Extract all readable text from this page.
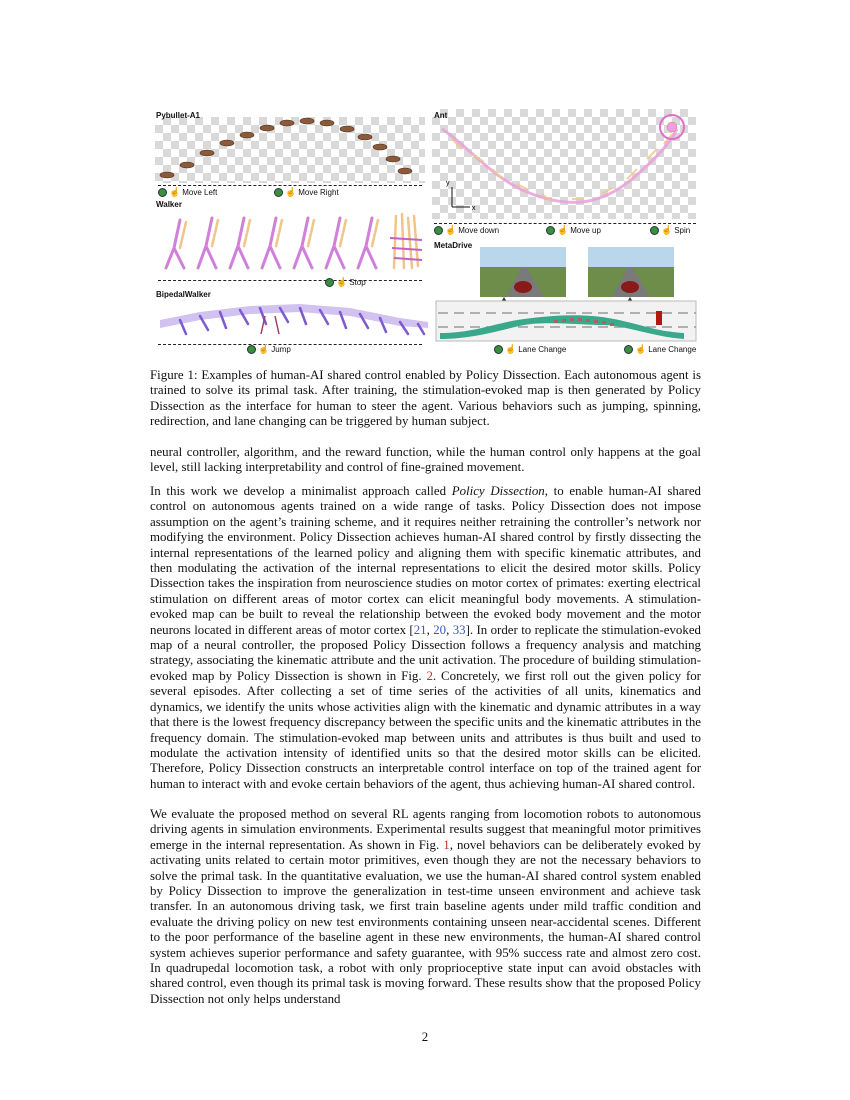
Pybullet-A1
☝ Move Left	☝ Move Right
y
x
Ant
☝ Move down	☝ Move up	☝ Spin
Walker
☝ Stop
BipedalWalker
☝ Jump
MetaDrive
☝ Lane Change	☝ Lane Change

Figure 1: Examples of human-AI shared control enabled by Policy Dissection. Each autonomous agent is trained to solve its primal task. After training, the stimulation-evoked map is then generated by Policy Dissection as the interface for human to steer the agent. Various behaviors such as jumping, spinning, redirection, and lane changing can be triggered by human subject.

neural controller, algorithm, and the reward function, while the human control only happens at the goal level, still lacking interpretability and control of fine-grained movement.

In this work we develop a minimalist approach called Policy Dissection, to enable human-AI shared control on autonomous agents trained on a wide range of tasks. Policy Dissection does not impose assumption on the agent’s training scheme, and it requires neither retraining the controller’s network nor modifying the environment. Policy Dissection achieves human-AI shared control by firstly dissecting the internal representations of the learned policy and aligning them with specific kinematic attributes, and then modulating the activation of the internal representations to elicit the desired motor skills. Policy Dissection takes the inspiration from neuroscience studies on motor cortex of primates: exerting electrical stimulation on different areas of motor cortex can elicit meaningful body movements. A stimulation-evoked map can be built to reveal the relationship between the evoked body movement and the motor neurons located in different areas of motor cortex [21, 20, 33]. In order to replicate the stimulation-evoked map of a neural controller, the proposed Policy Dissection follows a frequency analysis and matching strategy, associating the kinematic attribute and the unit activation. The procedure of building stimulation-evoked map by Policy Dissection is shown in Fig. 2. Concretely, we first roll out the given policy for several episodes. After collecting a set of time series of the activities of all units, kinematics and dynamics, we identify the units whose activities align with the kinematic and dynamic attributes in a way that there is the lowest frequency discrepancy between the specific units and the kinematic attributes in the frequency domain. The stimulation-evoked map between units and attributes is thus built and used to modulate the activation intensity of identified units so that the desired motor skills can be elicited. Therefore, Policy Dissection constructs an interpretable control interface on top of the trained agent for human to interact with and evoke certain behaviors of the agent, thus achieving human-AI shared control.

We evaluate the proposed method on several RL agents ranging from locomotion robots to autonomous driving agents in simulation environments. Experimental results suggest that meaningful motor primitives emerge in the internal representation. As shown in Fig. 1, novel behaviors can be deliberately evoked by activating units related to certain motor primitives, even though they are not the necessary behaviors to solve the primal task. In the quantitative evaluation, we use the human-AI shared control system enabled by Policy Dissection to improve the generalization in test-time unseen environment and achieve task transfer. In an autonomous driving task, we first train baseline agents under mild traffic condition and evaluate the driving policy on new test environments containing unseen near-accidental scenes. Different to the poor performance of the baseline agent in these new environments, the human-AI shared control system achieves superior performance and safety guarantee, with 95% success rate and almost zero cost. In quadrupedal locomotion task, a robot with only proprioceptive state input can avoid obstacles with shared control, even though its primal task is moving forward. These results show that the proposed Policy Dissection not only helps understand

2
